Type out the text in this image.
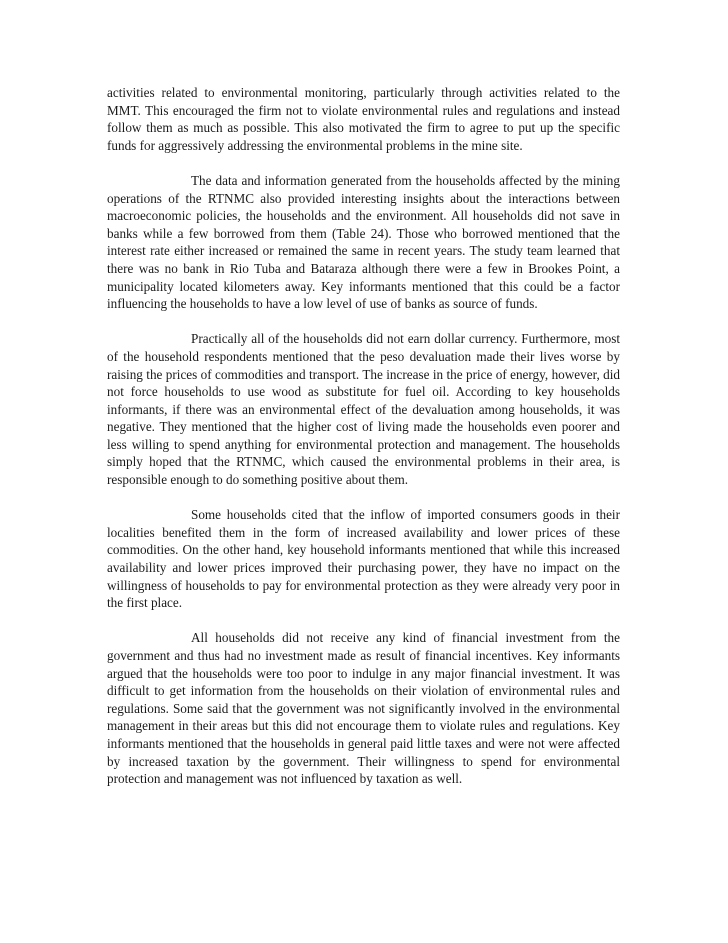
activities related to environmental monitoring, particularly through activities related to the MMT. This encouraged the firm not to violate environmental rules and regulations and instead follow them as much as possible. This also motivated the firm to agree to put up the specific funds for aggressively addressing the environmental problems in the mine site.

The data and information generated from the households affected by the mining operations of the RTNMC also provided interesting insights about the interactions between macroeconomic policies, the households and the environment. All households did not save in banks while a few borrowed from them (Table 24). Those who borrowed mentioned that the interest rate either increased or remained the same in recent years. The study team learned that there was no bank in Rio Tuba and Bataraza although there were a few in Brookes Point, a municipality located kilometers away. Key informants mentioned that this could be a factor influencing the households to have a low level of use of banks as source of funds.

Practically all of the households did not earn dollar currency. Furthermore, most of the household respondents mentioned that the peso devaluation made their lives worse by raising the prices of commodities and transport. The increase in the price of energy, however, did not force households to use wood as substitute for fuel oil. According to key households informants, if there was an environmental effect of the devaluation among households, it was negative. They mentioned that the higher cost of living made the households even poorer and less willing to spend anything for environmental protection and management. The households simply hoped that the RTNMC, which caused the environmental problems in their area, is responsible enough to do something positive about them.

Some households cited that the inflow of imported consumers goods in their localities benefited them in the form of increased availability and lower prices of these commodities. On the other hand, key household informants mentioned that while this increased availability and lower prices improved their purchasing power, they have no impact on the willingness of households to pay for environmental protection as they were already very poor in the first place.

All households did not receive any kind of financial investment from the government and thus had no investment made as result of financial incentives. Key informants argued that the households were too poor to indulge in any major financial investment. It was difficult to get information from the households on their violation of environmental rules and regulations. Some said that the government was not significantly involved in the environmental management in their areas but this did not encourage them to violate rules and regulations. Key informants mentioned that the households in general paid little taxes and were not were affected by increased taxation by the government. Their willingness to spend for environmental protection and management was not influenced by taxation as well.
